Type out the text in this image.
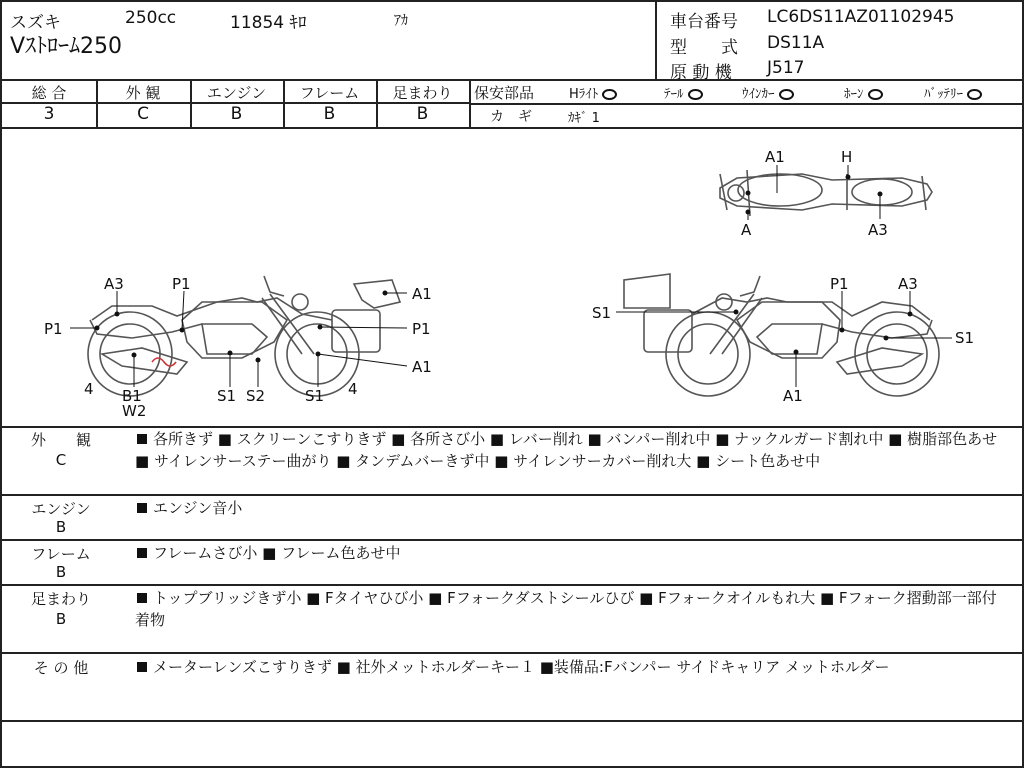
スズキ	250cc	11854 ｷﾛ	ｱｶ
Vｽﾄﾛｰﾑ250
車台番号 LC6DS11AZ01102945
型　　式 DS11A
原 動 機 J517
総 合
3
外 観
C
エンジン
B
フレーム
B
足まわり
B
保安部品	Hﾗｲﾄ	ﾃｰﾙ	ｳｲﾝｶｰ	ﾎｰﾝ	ﾊﾞｯﾃﾘｰ
カ　ギ	ｶｷﾞ 1
A3	P1
P1
A1
P1
A1
4 B1
W2
S1 S2	S1 4
A1	H
A	A3
S1
P1	A3
S1
A1
外　　観
C
各所きず ■ スクリーンこすりきず ■ 各所さび小 ■ レバー削れ ■ バンパー削れ中 ■ ナックルガード割れ中 ■ 樹脂部色あせ ■ サイレンサーステー曲がり ■ タンデムバーきず中 ■ サイレンサーカバー削れ大 ■ シート色あせ中
エンジン
B
エンジン音小
フレーム
B
フレームさび小 ■ フレーム色あせ中
足まわり
B
トップブリッジきず小 ■ Fタイヤひび小 ■ Fフォークダストシールひび ■ Fフォークオイルもれ大 ■ Fフォーク摺動部一部付着物
そ の 他	メーターレンズこすりきず ■ 社外メットホルダーキー１ ■装備品:Fバンパー サイドキャリア メットホルダー
